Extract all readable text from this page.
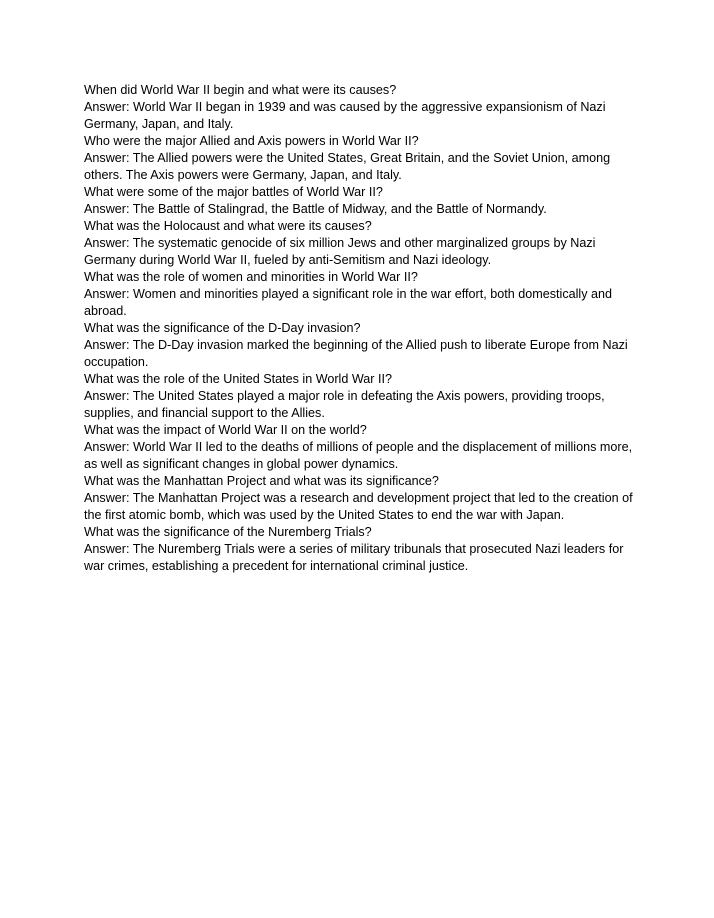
When did World War II begin and what were its causes?

Answer: World War II began in 1939 and was caused by the aggressive expansionism of Nazi Germany, Japan, and Italy.

Who were the major Allied and Axis powers in World War II?

Answer: The Allied powers were the United States, Great Britain, and the Soviet Union, among others. The Axis powers were Germany, Japan, and Italy.

What were some of the major battles of World War II?

Answer: The Battle of Stalingrad, the Battle of Midway, and the Battle of Normandy.

What was the Holocaust and what were its causes?

Answer: The systematic genocide of six million Jews and other marginalized groups by Nazi Germany during World War II, fueled by anti-Semitism and Nazi ideology.

What was the role of women and minorities in World War II?

Answer: Women and minorities played a significant role in the war effort, both domestically and abroad.

What was the significance of the D-Day invasion?

Answer: The D-Day invasion marked the beginning of the Allied push to liberate Europe from Nazi occupation.

What was the role of the United States in World War II?

Answer: The United States played a major role in defeating the Axis powers, providing troops, supplies, and financial support to the Allies.

What was the impact of World War II on the world?

Answer: World War II led to the deaths of millions of people and the displacement of millions more, as well as significant changes in global power dynamics.

What was the Manhattan Project and what was its significance?

Answer: The Manhattan Project was a research and development project that led to the creation of the first atomic bomb, which was used by the United States to end the war with Japan.

What was the significance of the Nuremberg Trials?

Answer: The Nuremberg Trials were a series of military tribunals that prosecuted Nazi leaders for war crimes, establishing a precedent for international criminal justice.
